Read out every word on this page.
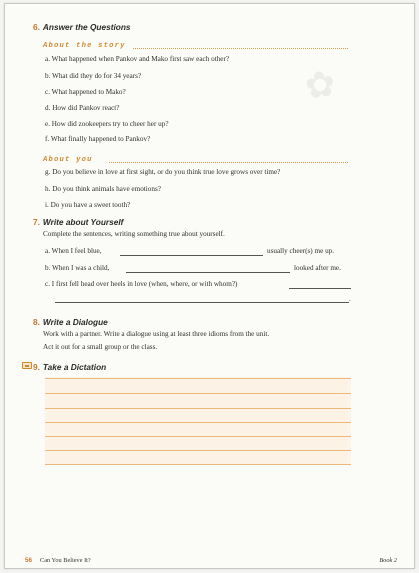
✿
6. Answer the Questions
About the story
a. What happened when Pankov and Mako first saw each other?
b. What did they do for 34 years?
c. What happened to Mako?
d. How did Pankov react?
e. How did zookeepers try to cheer her up?
f. What finally happened to Pankov?
About you
g. Do you believe in love at first sight, or do you think true love grows over time?
h. Do you think animals have emotions?
i. Do you have a sweet tooth?
7. Write about Yourself
Complete the sentences, writing something true about yourself.
a. When I feel blue,	usually cheer(s) me up.
b. When I was a child,	looked after me.
c. I first fell head over heels in love (when, where, or with whom?)
.
8. Write a Dialogue
Work with a partner. Write a dialogue using at least three idioms from the unit.
Act it out for a small group or the class.
9. Take a Dictation
56 Can You Believe It?	Book 2
